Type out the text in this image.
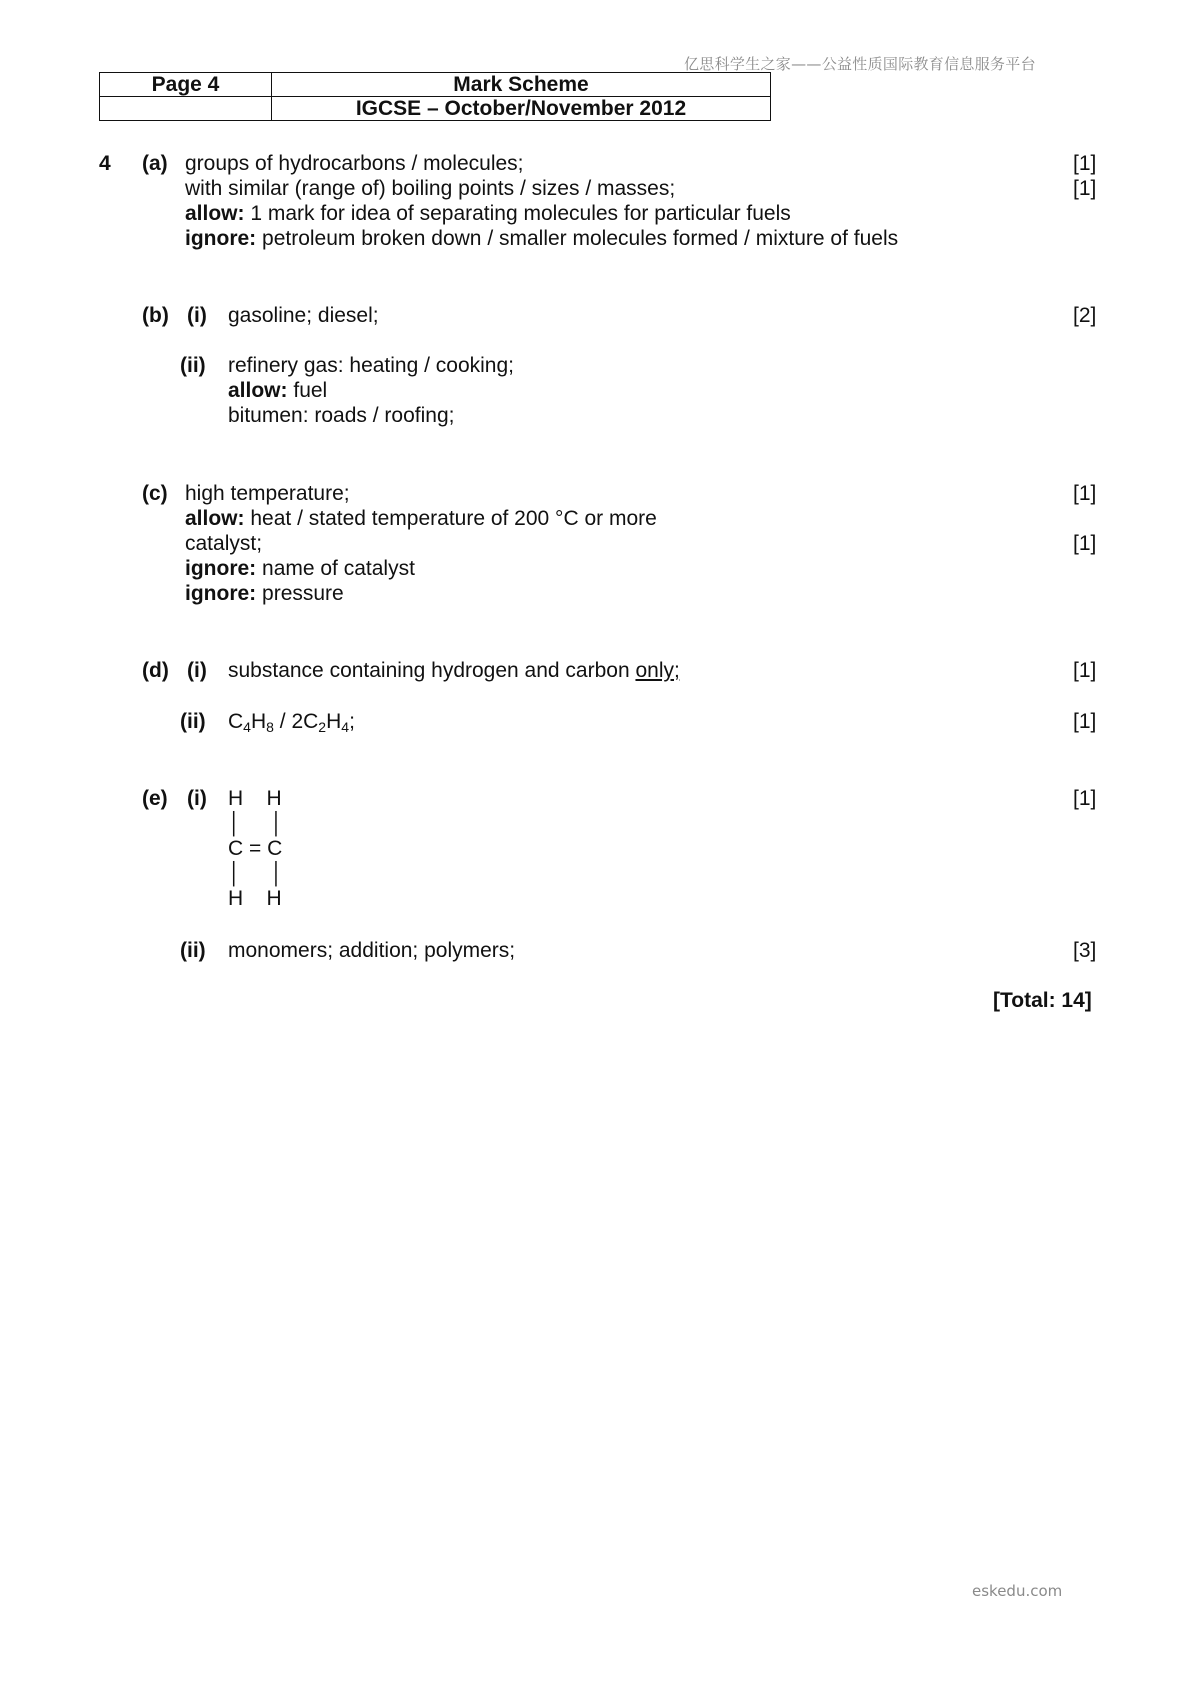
亿思科学生之家——公益性质国际教育信息服务平台
Page 4	Mark Scheme
	IGCSE – October/November 2012
4 (a) groups of hydrocarbons / molecules;	[1]
with similar (range of) boiling points / sizes / masses;	[1]
allow: 1 mark for idea of separating molecules for particular fuels
ignore: petroleum broken down / smaller molecules formed / mixture of fuels
(b) (i) gasoline; diesel;	[2]
(ii) refinery gas: heating / cooking;
allow: fuel
bitumen: roads / roofing;
(c) high temperature;	[1]
allow: heat / stated temperature of 200 °C or more
catalyst;	[1]
ignore: name of catalyst
ignore: pressure
(d) (i) substance containing hydrogen and carbon only;	[1]
(ii) $C_4H_8 / 2C_2H_4$;	[1]
(e) (i)	[1]
H    H
│     │
C = C
│     │
H    H
(ii) monomers; addition; polymers;	[3]
[Total: 14]
eskedu.com
